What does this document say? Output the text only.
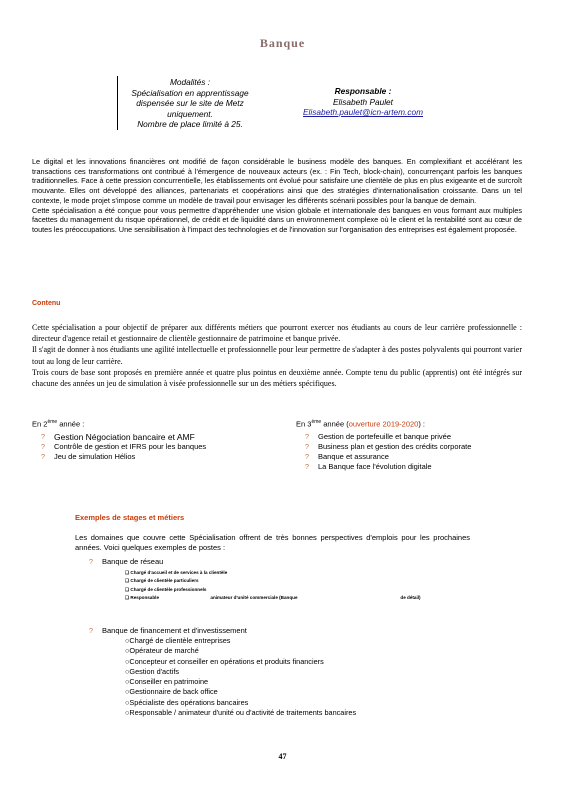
Banque
Modalités :
Spécialisation en apprentissage
dispensée sur le site de Metz
uniquement.
Nombre de place limité à 25.
Responsable :
Elisabeth Paulet
Elisabeth.paulet@icn-artem.com

Le digital et les innovations financières ont modifié de façon considérable le business modèle des banques. En complexifiant et accélérant les transactions ces transformations ont contribué à l'émergence de nouveaux acteurs (ex. : Fin Tech, block-chain), concurrençant parfois les banques traditionnelles. Face à cette pression concurrentielle, les établissements ont évolué pour satisfaire une clientèle de plus en plus exigeante et de surcroît mouvante. Elles ont développé des alliances, partenariats et coopérations ainsi que des stratégies d'internationalisation croissante. Dans un tel contexte, le mode projet s'impose comme un modèle de travail pour envisager les différents scénarii possibles pour la banque de demain.

Cette spécialisation a été conçue pour vous permettre d'appréhender une vision globale et internationale des banques en vous formant aux multiples facettes du management du risque opérationnel, de crédit et de liquidité dans un environnement complexe où le client et la rentabilité sont au cœur de toutes les préoccupations. Une sensibilisation à l'impact des technologies et de l'innovation sur l'organisation des entreprises est également proposée.

Contenu

Cette spécialisation a pour objectif de préparer aux différents métiers que pourront exercer nos étudiants au cours de leur carrière professionnelle : directeur d'agence retail et gestionnaire de clientèle gestionnaire de patrimoine et banque privée.

Il s'agit de donner à nos étudiants une agilité intellectuelle et professionnelle pour leur permettre de s'adapter à des postes polyvalents qui pourront varier tout au long de leur carrière.

Trois cours de base sont proposés en première année et quatre plus pointus en deuxième année. Compte tenu du public (apprentis) ont été intégrés sur chacune des années un jeu de simulation à visée professionnelle sur un des métiers spécifiques.

En 2ème année :
?	Gestion Négociation bancaire et AMF
?	Contrôle de gestion et IFRS pour les banques
?	Jeu de simulation Hélios
En 3ème année (ouverture 2019-2020) :
?	Gestion de portefeuille et banque privée
?	Business plan et gestion des crédits corporate
?	Banque et assurance
?	La Banque face l'évolution digitale
Exemples de stages et métiers
Les domaines que couvre cette Spécialisation offrent de très bonnes perspectives d'emplois pour les prochaines années. Voici quelques exemples de postes :
?	Banque de réseau
❑ Chargé d'accueil et de services à la clientèle
❑ Chargé de clientèle particuliers
❑ Chargé de clientèle professionnels
❑ Responsable	animateur d'unité commerciale (Banque	de détail)
?	Banque de financement et d'investissement
○Chargé de clientèle entreprises
○Opérateur de marché
○Concepteur et conseiller en opérations et produits financiers
○Gestion d'actifs
○Conseiller en patrimoine
○Gestionnaire de back office
○Spécialiste des opérations bancaires
○Responsable / animateur d'unité ou d'activité de traitements bancaires
47
